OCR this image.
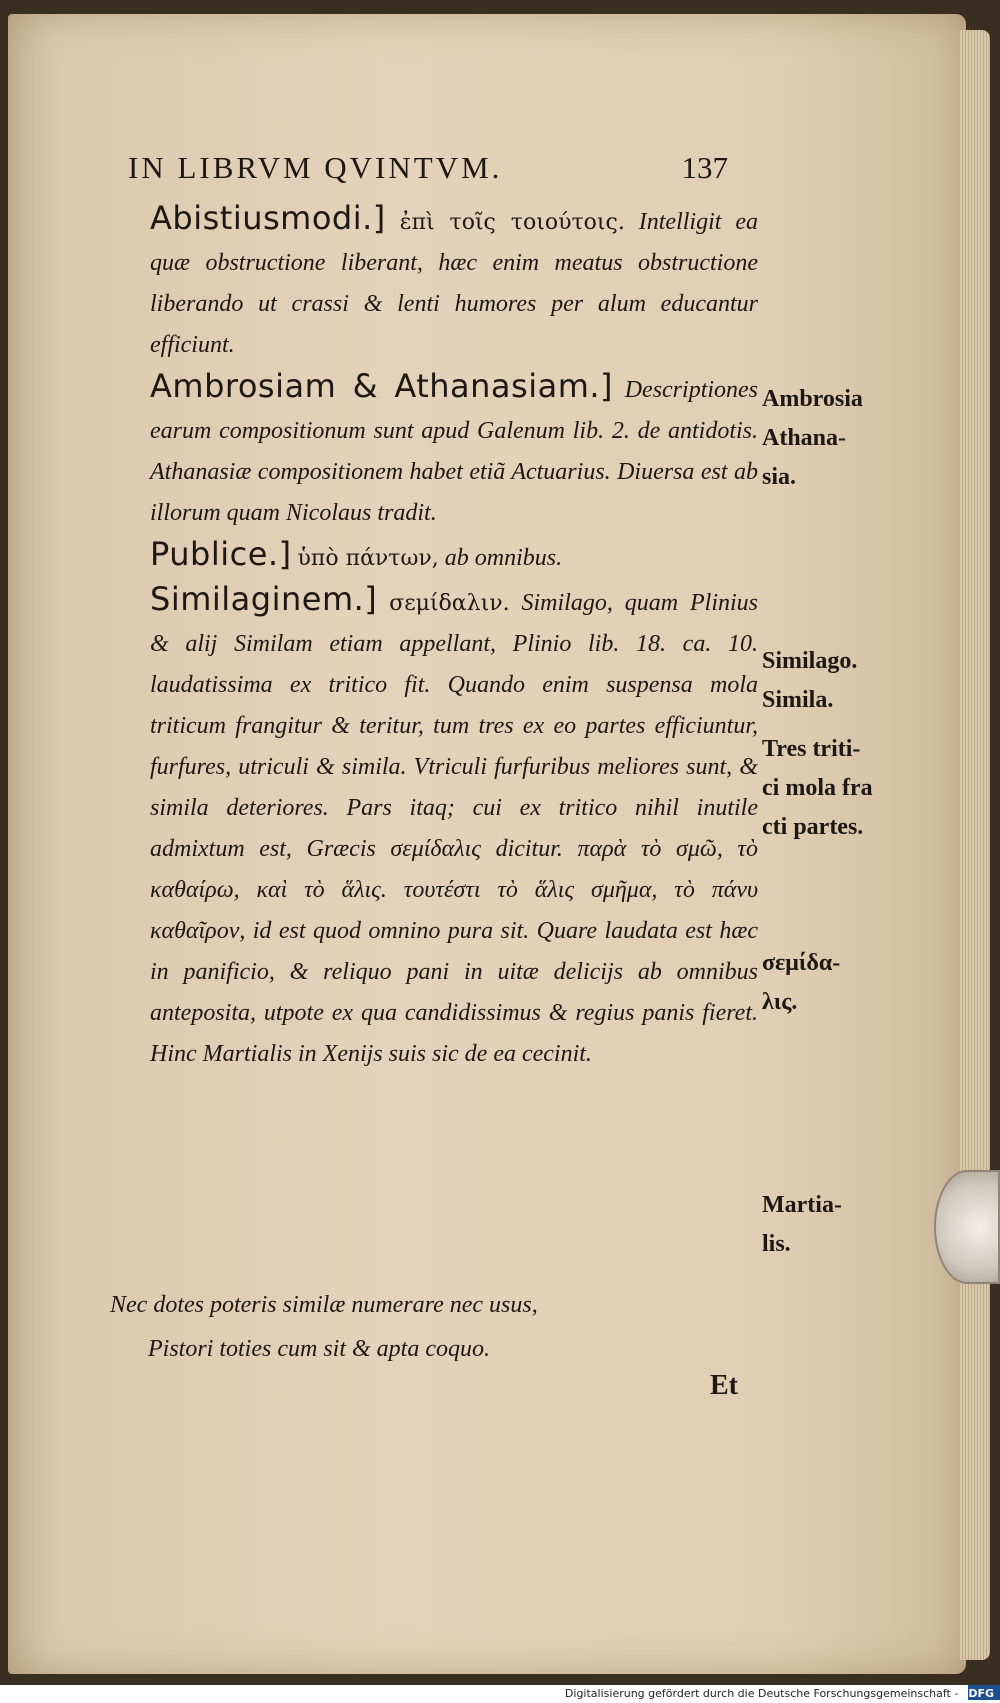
IN LIBRVM QVINTVM.	137

Abistiusmodi.] ἐπὶ τοῖς τοιούτοις. Intelligit ea quæ obstructione liberant, hæc enim meatus obstructione liberando ut crassi & lenti humores per alum educantur efficiunt.

Ambrosiam & Athanasiam.] Descriptiones earum compositionum sunt apud Galenum lib. 2. de antidotis. Athanasiæ compositionem habet etiã Actuarius. Diuersa est ab illorum quam Nicolaus tradit.

Publice.] ὑπὸ πάντων, ab omnibus.

Similaginem.] σεμίδαλιν. Similago, quam Plinius & alij Similam etiam appellant, Plinio lib. 18. ca. 10. laudatissima ex tritico fit. Quando enim suspensa mola triticum frangitur & teritur, tum tres ex eo partes efficiuntur, furfures, utriculi & simila. Vtriculi furfuribus meliores sunt, & simila deteriores. Pars itaq; cui ex tritico nihil inutile admixtum est, Græcis σεμίδαλις dicitur. παρὰ τὸ σμῶ, τὸ καθαίρω, καὶ τὸ ἅλις. τουτέστι τὸ ἅλις σμῆμα, τὸ πάνυ καθαῖρον, id est quod omnino pura sit. Quare laudata est hæc in panificio, & reliquo pani in uitæ delicijs ab omnibus anteposita, utpote ex qua candidissimus & regius panis fieret. Hinc Martialis in Xenijs suis sic de ea cecinit.

Nec dotes poteris similæ numerare nec usus,
Pistori toties cum sit & apta coquo.
Ambrosia
Athana-
sia.
Similago.
Simila.
Tres triti-
ci mola fra
cti partes.
σεμίδα-
λις.
Martia-
lis.
Et
Digitalisierung gefördert durch die Deutsche Forschungsgemeinschaft - DFG
